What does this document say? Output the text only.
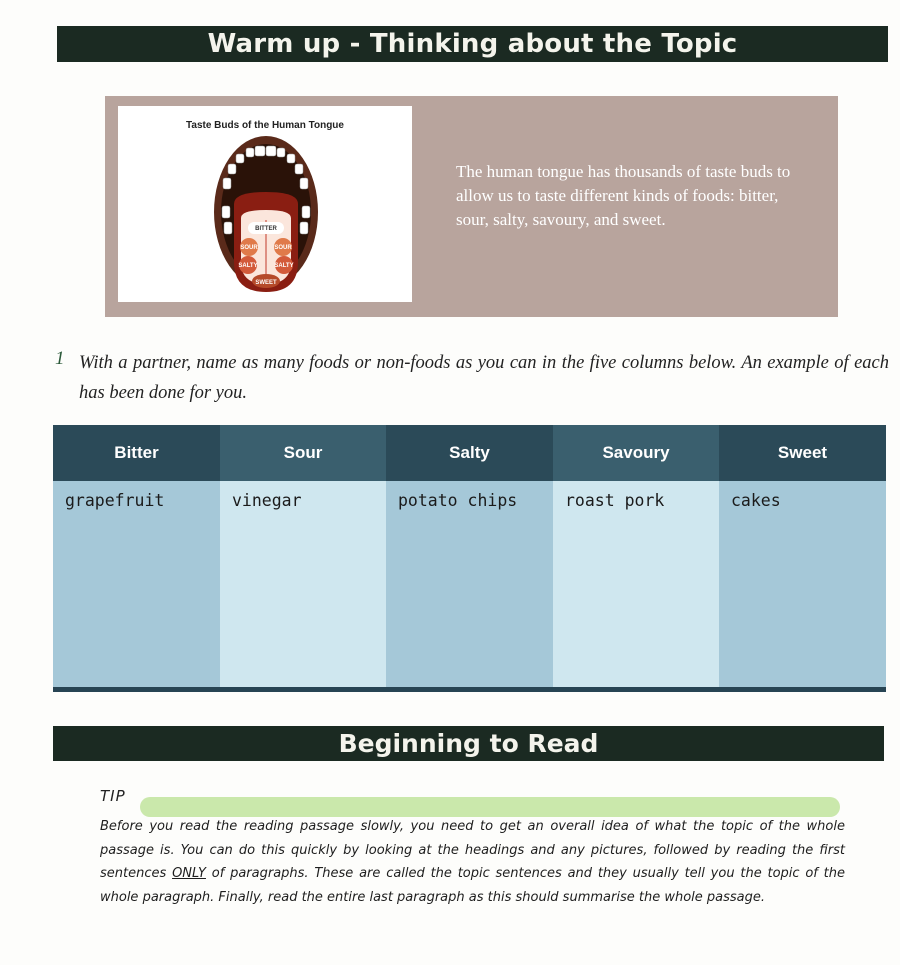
Warm up - Thinking about the Topic
Taste Buds of the Human Tongue
BITTER
SOUR	SOUR
SALTY	SALTY
SWEET
The human tongue has thousands of taste buds to allow us to taste different kinds of foods: bitter, sour, salty, savoury, and sweet.
1 With a partner, name as many foods or non-foods as you can in the five columns below. An example of each has been done for you.
Bitter
grapefruit
Sour
vinegar
Salty
potato chips
Savoury
roast pork
Sweet
cakes
Beginning to Read
TIP
Before you read the reading passage slowly, you need to get an overall idea of what the topic of the whole passage is. You can do this quickly by looking at the headings and any pictures, followed by reading the first sentences ONLY of paragraphs. These are called the topic sentences and they usually tell you the topic of the whole paragraph. Finally, read the entire last paragraph as this should summarise the whole passage.
